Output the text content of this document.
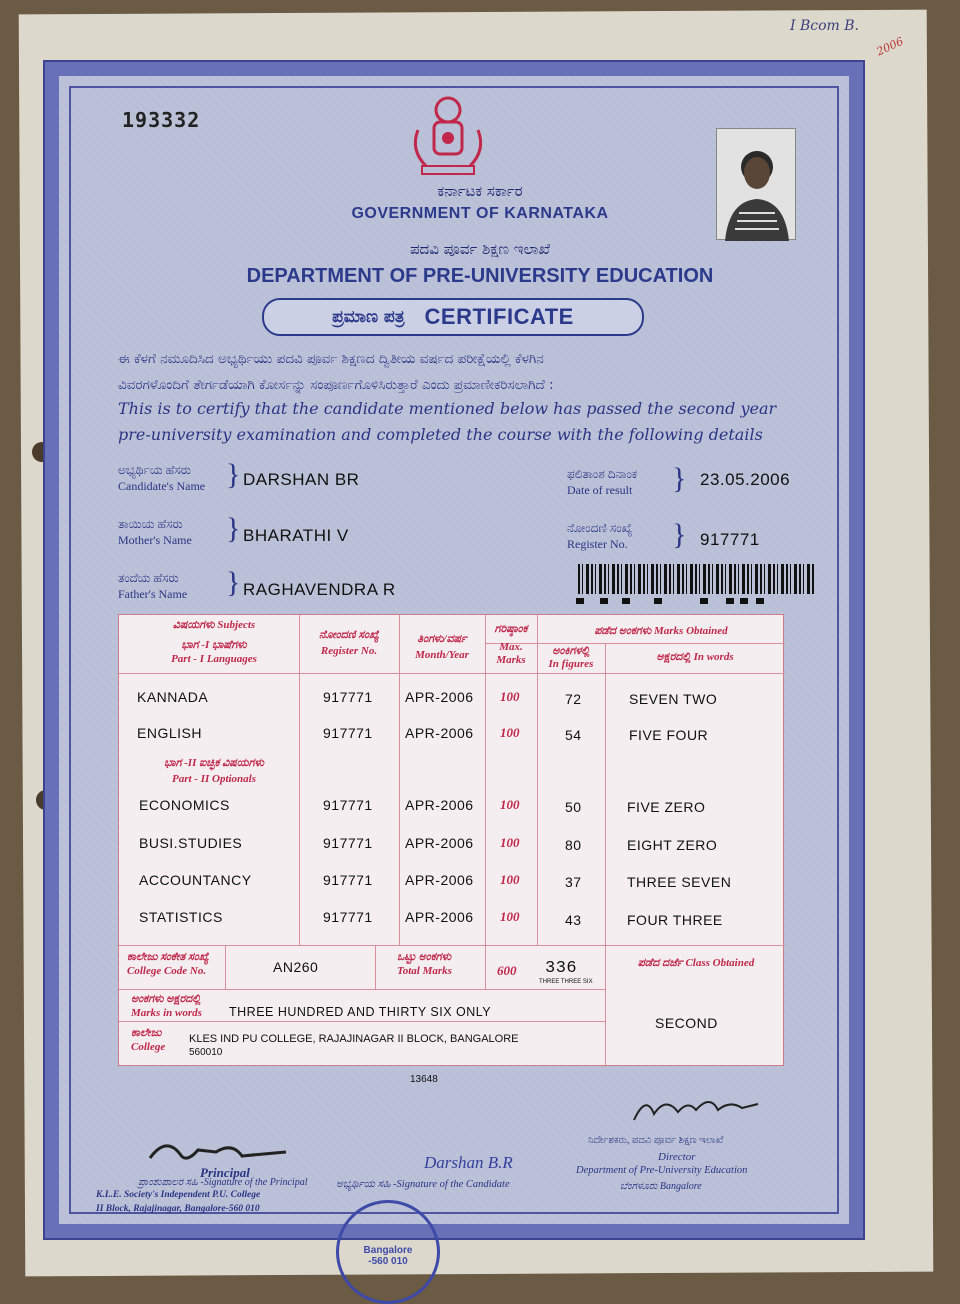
I Bcom B.
2006
193332
ಕರ್ನಾಟಕ ಸರ್ಕಾರ
GOVERNMENT OF KARNATAKA
ಪದವಿ ಪೂರ್ವ ಶಿಕ್ಷಣ ಇಲಾಖೆ
DEPARTMENT OF PRE-UNIVERSITY EDUCATION
ಪ್ರಮಾಣ ಪತ್ರ CERTIFICATE
ಈ ಕೆಳಗೆ ನಮೂದಿಸಿದ ಅಭ್ಯರ್ಥಿಯು ಪದವಿ ಪೂರ್ವ ಶಿಕ್ಷಣದ ದ್ವಿತೀಯ ವರ್ಷದ ಪರೀಕ್ಷೆಯಲ್ಲಿ ಕೆಳಗಿನ
ವಿವರಗಳೊಂದಿಗೆ ತೇರ್ಗಡೆಯಾಗಿ ಕೋರ್ಸನ್ನು ಸಂಪೂರ್ಣಗೊಳಿಸಿರುತ್ತಾರೆ ಎಂದು ಪ್ರಮಾಣೀಕರಿಸಲಾಗಿದೆ :
This is to certify that the candidate mentioned below has passed the second year
pre-university examination and completed the course with the following details
ಅಭ್ಯರ್ಥಿಯ ಹೆಸರು
Candidate's Name } DARSHAN BR
ತಾಯಿಯ ಹೆಸರು
Mother's Name } BHARATHI V
ತಂದೆಯ ಹೆಸರು
Father's Name } RAGHAVENDRA R
ಫಲಿತಾಂಶ ದಿನಾಂಕ
Date of result } 23.05.2006
ನೋಂದಣಿ ಸಂಖ್ಯೆ
Register No. } 917771
ವಿಷಯಗಳು Subjects
ಭಾಗ -I ಭಾಷೆಗಳು
Part - I Languages
ನೋಂದಣಿ ಸಂಖ್ಯೆ
Register No.
ತಿಂಗಳು/ವರ್ಷ
Month/Year
ಗರಿಷ್ಠಾಂಕ
Max. Marks
ಪಡೆದ ಅಂಕಗಳು Marks Obtained
ಅಂಕಿಗಳಲ್ಲಿ
In figures
ಅಕ್ಷರದಲ್ಲಿ In words
ಭಾಗ -II ಐಚ್ಛಿಕ ವಿಷಯಗಳು
Part - II Optionals
KANNADA	917771 APR-2006 100	72	SEVEN TWO
ENGLISH	917771 APR-2006 100	54	FIVE FOUR
ECONOMICS	917771 APR-2006 100	50	FIVE ZERO
BUSI.STUDIES	917771 APR-2006 100	80	EIGHT ZERO
ACCOUNTANCY	917771 APR-2006 100	37	THREE SEVEN
STATISTICS	917771 APR-2006 100	43	FOUR THREE
ಕಾಲೇಜು ಸಂಕೇತ ಸಂಖ್ಯೆ
College Code No.	AN260
ಒಟ್ಟು ಅಂಕಗಳು
Total Marks	600 336
THREE THREE SIX
ಪಡೆದ ದರ್ಜೆ Class Obtained
SECOND
ಅಂಕಗಳು ಅಕ್ಷರದಲ್ಲಿ
Marks in words	THREE HUNDRED AND THIRTY SIX ONLY
ಕಾಲೇಜು
College
KLES IND PU COLLEGE, RAJAJINAGAR II BLOCK, BANGALORE
560010
13648
Principal
ಪ್ರಾಂಶುಪಾಲರ ಸಹಿ -Signature of the Principal
K.L.E. Society's Independent P.U. College
II Block, Rajajinagar, Bangalore-560 010
Darshan B.R
ಅಭ್ಯರ್ಥಿಯ ಸಹಿ -Signature of the Candidate
ನಿರ್ದೇಶಕರು, ಪದವಿ ಪೂರ್ವ ಶಿಕ್ಷಣ ಇಲಾಖೆ
Director
Department of Pre-University Education
ಬೆಂಗಳೂರು Bangalore
Bangalore
-560 010
